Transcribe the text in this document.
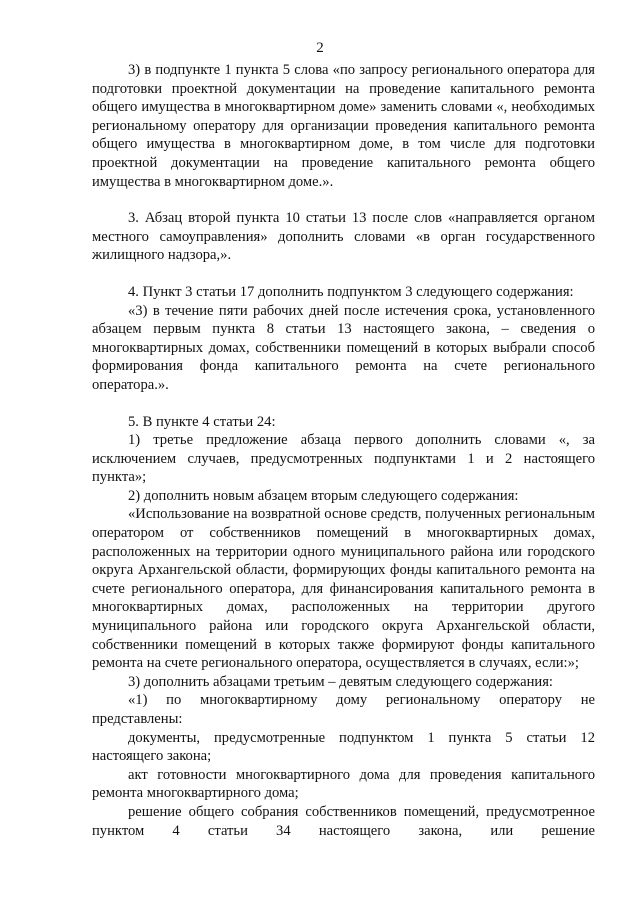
2

3) в подпункте 1 пункта 5 слова «по запросу регионального оператора для подготовки проектной документации на проведение капитального ремонта общего имущества в многоквартирном доме» заменить словами «, необходимых региональному оператору для организации проведения капитального ремонта общего имущества в многоквартирном доме, в том числе для подготовки проектной документации на проведение капитального ремонта общего имущества в многоквартирном доме.».

3. Абзац второй пункта 10 статьи 13 после слов «направляется органом местного самоуправления» дополнить словами «в орган государственного жилищного надзора,».

4. Пункт 3 статьи 17 дополнить подпунктом 3 следующего содержания:

«3) в течение пяти рабочих дней после истечения срока, установленного абзацем первым пункта 8 статьи 13 настоящего закона, – сведения о многоквартирных домах, собственники помещений в которых выбрали способ формирования фонда капитального ремонта на счете регионального оператора.».

5. В пункте 4 статьи 24:

1) третье предложение абзаца первого дополнить словами «, за исключением случаев, предусмотренных подпунктами 1 и 2 настоящего пункта»;

2) дополнить новым абзацем вторым следующего содержания:

«Использование на возвратной основе средств, полученных региональным оператором от собственников помещений в многоквартирных домах, расположенных на территории одного муниципального района или городского округа Архангельской области, формирующих фонды капитального ремонта на счете регионального оператора, для финансирования капитального ремонта в многоквартирных домах, расположенных на территории другого муниципального района или городского округа Архангельской области, собственники помещений в которых также формируют фонды капитального ремонта на счете регионального оператора, осуществляется в случаях, если:»;

3) дополнить абзацами третьим – девятым следующего содержания:

«1) по многоквартирному дому региональному оператору не представлены:

документы, предусмотренные подпунктом 1 пункта 5 статьи 12 настоящего закона;

акт готовности многоквартирного дома для проведения капитального ремонта многоквартирного дома;

решение общего собрания собственников помещений, предусмотренное пунктом 4 статьи 34 настоящего закона, или решение
